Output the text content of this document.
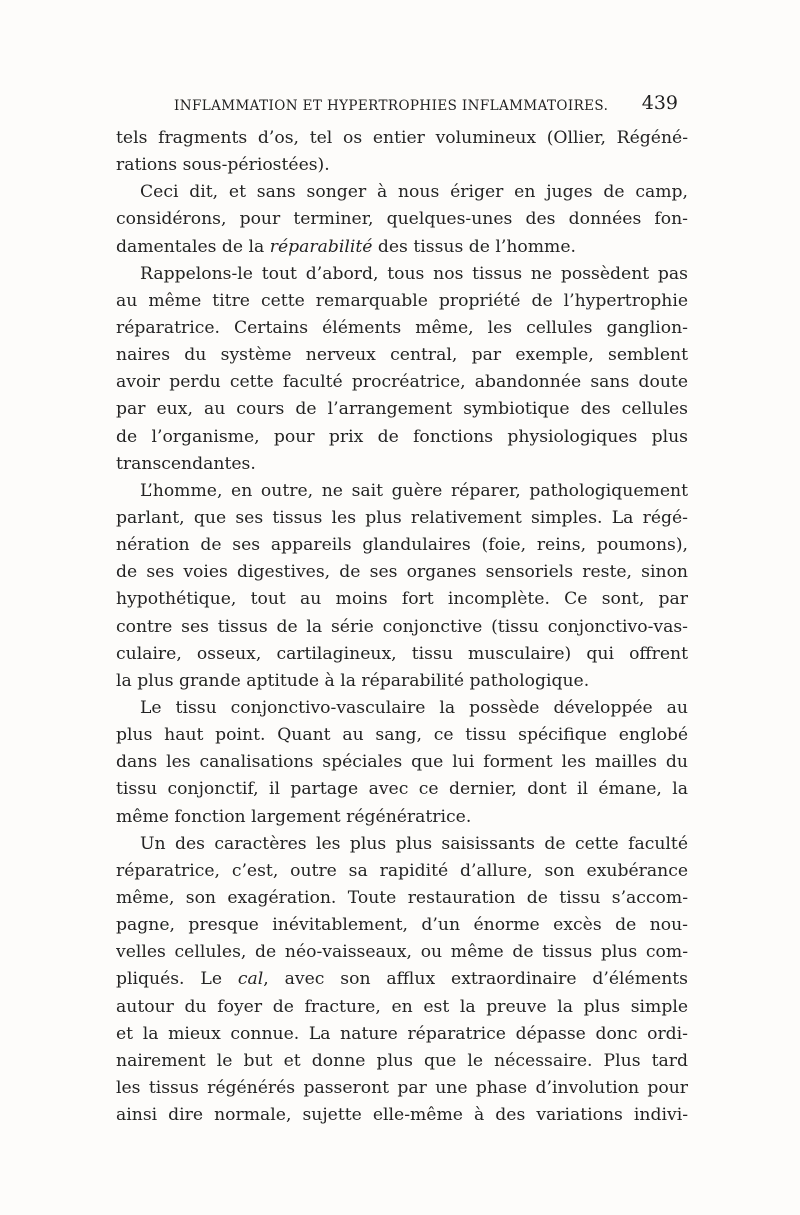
INFLAMMATION ET HYPERTROPHIES INFLAMMATOIRES. 439
tels fragments d’os, tel os entier volumineux (Ollier, Régéné-
rations sous-périostées).
Ceci dit, et sans songer à nous ériger en juges de camp,
considérons, pour terminer, quelques-unes des données fon-
damentales de la réparabilité des tissus de l’homme.
Rappelons-le tout d’abord, tous nos tissus ne possèdent pas
au même titre cette remarquable propriété de l’hypertrophie
réparatrice. Certains éléments même, les cellules ganglion-
naires du système nerveux central, par exemple, semblent
avoir perdu cette faculté procréatrice, abandonnée sans doute
par eux, au cours de l’arrangement symbiotique des cellules
de l’organisme, pour prix de fonctions physiologiques plus
transcendantes.
L’homme, en outre, ne sait guère réparer, pathologiquement
parlant, que ses tissus les plus relativement simples. La régé-
nération de ses appareils glandulaires (foie, reins, poumons),
de ses voies digestives, de ses organes sensoriels reste, sinon
hypothétique, tout au moins fort incomplète. Ce sont, par
contre ses tissus de la série conjonctive (tissu conjonctivo-vas-
culaire, osseux, cartilagineux, tissu musculaire) qui offrent
la plus grande aptitude à la réparabilité pathologique.
Le tissu conjonctivo-vasculaire la possède développée au
plus haut point. Quant au sang, ce tissu spécifique englobé
dans les canalisations spéciales que lui forment les mailles du
tissu conjonctif, il partage avec ce dernier, dont il émane, la
même fonction largement régénératrice.
Un des caractères les plus plus saisissants de cette faculté
réparatrice, c’est, outre sa rapidité d’allure, son exubérance
même, son exagération. Toute restauration de tissu s’accom-
pagne, presque inévitablement, d’un énorme excès de nou-
velles cellules, de néo-vaisseaux, ou même de tissus plus com-
pliqués. Le cal, avec son afflux extraordinaire d’éléments
autour du foyer de fracture, en est la preuve la plus simple
et la mieux connue. La nature réparatrice dépasse donc ordi-
nairement le but et donne plus que le nécessaire. Plus tard
les tissus régénérés passeront par une phase d’involution pour
ainsi dire normale, sujette elle-même à des variations indivi-
